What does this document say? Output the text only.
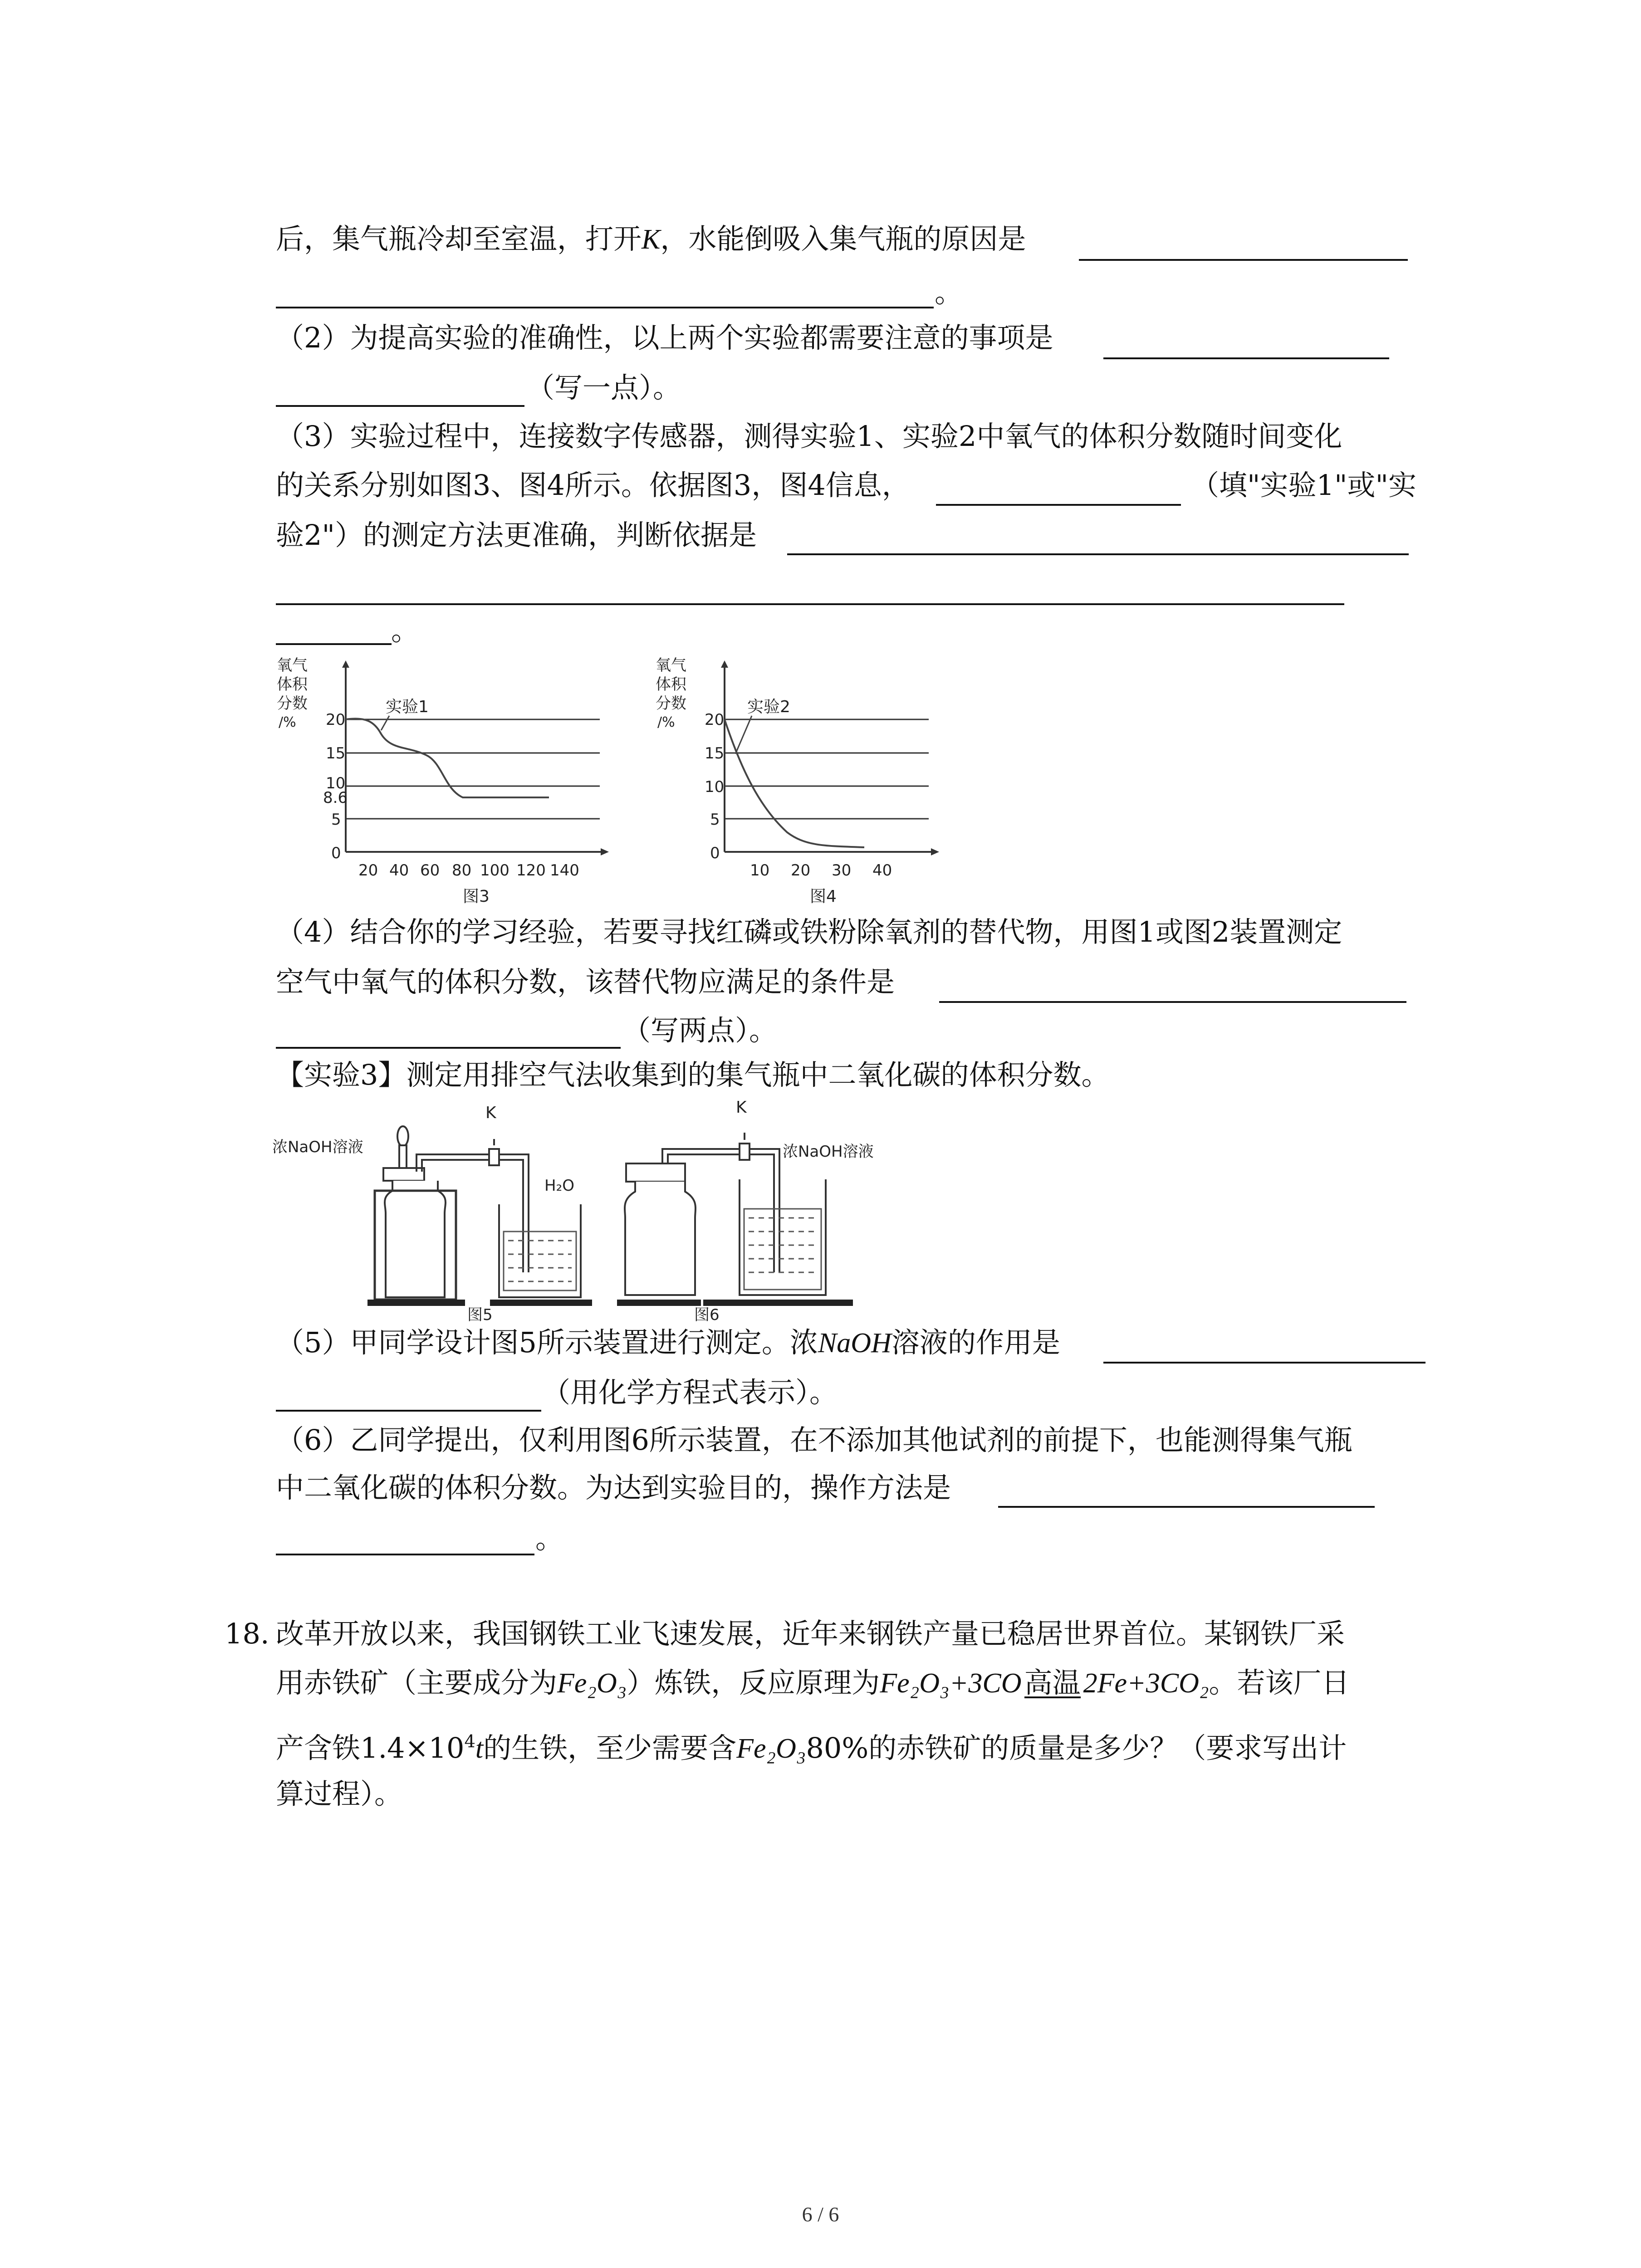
后，集气瓶冷却至室温，打开K，水能倒吸入集气瓶的原因是
。
（2）为提高实验的准确性，以上两个实验都需要注意的事项是
（写一点）。
（3）实验过程中，连接数字传感器，测得实验1、实验2中氧气的体积分数随时间变化
的关系分别如图3、图4所示。依据图3，图4信息，	（填"实验1"或"实
验2"）的测定方法更准确，判断依据是
。
氧气
体积
分数
/% 20
15
10
8.6
5
0
实验1
20 40 60 80 100 120 140
图3
氧气
体积
分数
/% 20
15
10
5
0
实验2
10 20 30 40
图4
（4）结合你的学习经验，若要寻找红磷或铁粉除氧剂的替代物，用图1或图2装置测定
空气中氧气的体积分数，该替代物应满足的条件是
（写两点）。
【实验3】测定用排空气法收集到的集气瓶中二氧化碳的体积分数。
浓NaOH溶液
K
H₂O
图5
K
浓NaOH溶液
图6
（5）甲同学设计图5所示装置进行测定。浓NaOH溶液的作用是
（用化学方程式表示）。
（6）乙同学提出，仅利用图6所示装置，在不添加其他试剂的前提下，也能测得集气瓶
中二氧化碳的体积分数。为达到实验目的，操作方法是
。
18. 改革开放以来，我国钢铁工业飞速发展，近年来钢铁产量已稳居世界首位。某钢铁厂采
用赤铁矿（主要成分为Fe₂O₃）炼铁，反应原理为Fe₂O₃+3CO高温2Fe+3CO₂。若该厂日
产含铁$1.4\times 10^4t$的生铁，至少需要含Fe₂O₃80%的赤铁矿的质量是多少？（要求写出计
算过程）。
6 / 6
